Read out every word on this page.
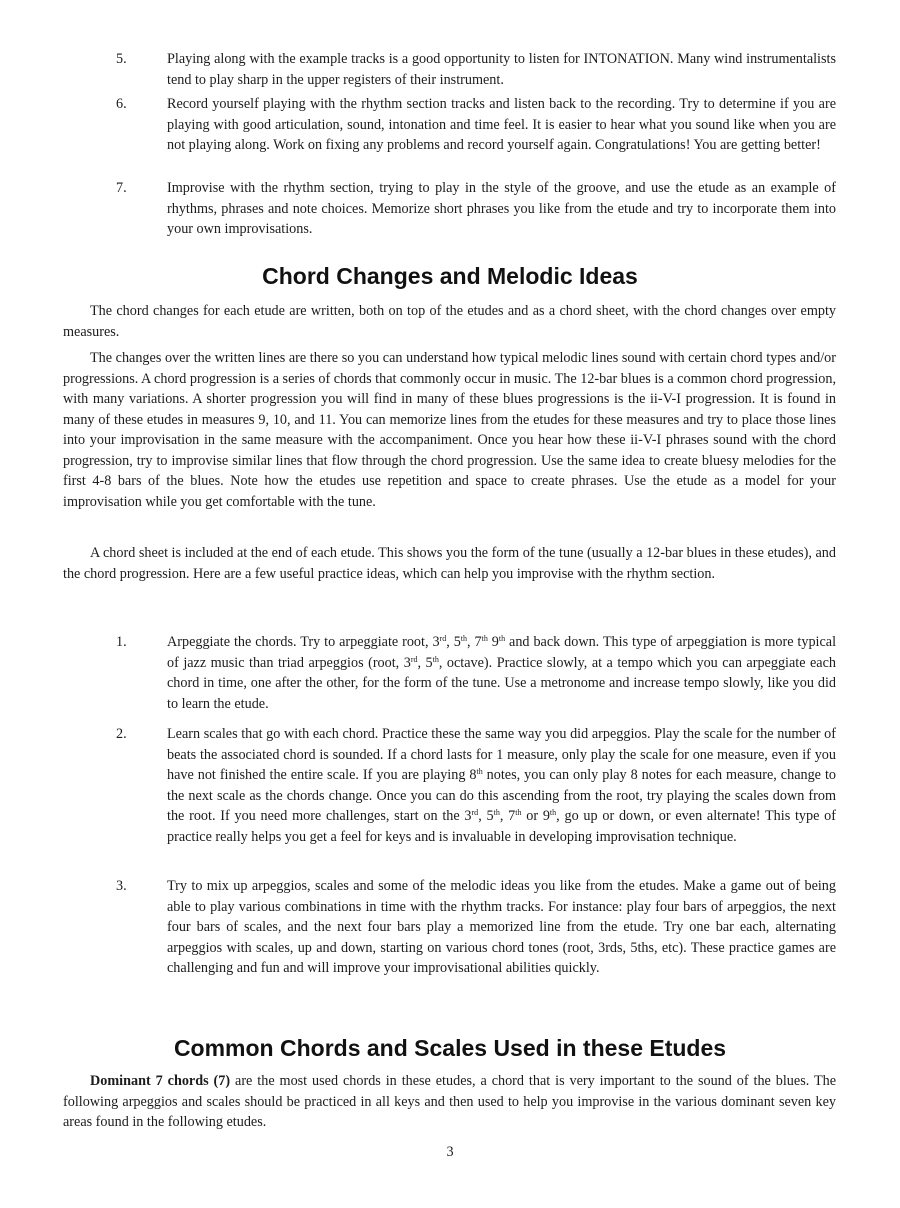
5.	Playing along with the example tracks is a good opportunity to listen for INTONATION. Many wind instrumentalists tend to play sharp in the upper registers of their instrument.
6.	Record yourself playing with the rhythm section tracks and listen back to the recording. Try to determine if you are playing with good articulation, sound, intonation and time feel. It is easier to hear what you sound like when you are not playing along. Work on fixing any problems and record yourself again. Congratulations! You are getting better!
7.	Improvise with the rhythm section, trying to play in the style of the groove, and use the etude as an example of rhythms, phrases and note choices. Memorize short phrases you like from the etude and try to incorporate them into your own improvisations.
Chord Changes and Melodic Ideas

The chord changes for each etude are written, both on top of the etudes and as a chord sheet, with the chord changes over empty measures.

The changes over the written lines are there so you can understand how typical melodic lines sound with certain chord types and/or progressions. A chord progression is a series of chords that commonly occur in music. The 12-bar blues is a common chord progression, with many variations. A shorter progression you will find in many of these blues progressions is the ii-V-I progression. It is found in many of these etudes in measures 9, 10, and 11. You can memorize lines from the etudes for these measures and try to place those lines into your improvisation in the same measure with the accompaniment. Once you hear how these ii-V-I phrases sound with the chord progression, try to improvise similar lines that flow through the chord progression. Use the same idea to create bluesy melodies for the first 4-8 bars of the blues. Note how the etudes use repetition and space to create phrases. Use the etude as a model for your improvisation while you get comfortable with the tune.

A chord sheet is included at the end of each etude. This shows you the form of the tune (usually a 12-bar blues in these etudes), and the chord progression. Here are a few useful practice ideas, which can help you improvise with the rhythm section.

1.	Arpeggiate the chords. Try to arpeggiate root, 3rd, 5th, 7th 9th and back down. This type of arpeggiation is more typical of jazz music than triad arpeggios (root, 3rd, 5th, octave). Practice slowly, at a tempo which you can arpeggiate each chord in time, one after the other, for the form of the tune. Use a metronome and increase tempo slowly, like you did to learn the etude.
2.	Learn scales that go with each chord. Practice these the same way you did arpeggios. Play the scale for the number of beats the associated chord is sounded. If a chord lasts for 1 measure, only play the scale for one measure, even if you have not finished the entire scale. If you are playing 8th notes, you can only play 8 notes for each measure, change to the next scale as the chords change. Once you can do this ascending from the root, try playing the scales down from the root. If you need more challenges, start on the 3rd, 5th, 7th or 9th, go up or down, or even alternate! This type of practice really helps you get a feel for keys and is invaluable in developing improvisation technique.
3.	Try to mix up arpeggios, scales and some of the melodic ideas you like from the etudes. Make a game out of being able to play various combinations in time with the rhythm tracks. For instance: play four bars of arpeggios, the next four bars of scales, and the next four bars play a memorized line from the etude. Try one bar each, alternating arpeggios with scales, up and down, starting on various chord tones (root, 3rds, 5ths, etc). These practice games are challenging and fun and will improve your improvisational abilities quickly.
Common Chords and Scales Used in these Etudes

Dominant 7 chords (7) are the most used chords in these etudes, a chord that is very important to the sound of the blues. The following arpeggios and scales should be practiced in all keys and then used to help you improvise in the various dominant seven key areas found in the following etudes.

3
